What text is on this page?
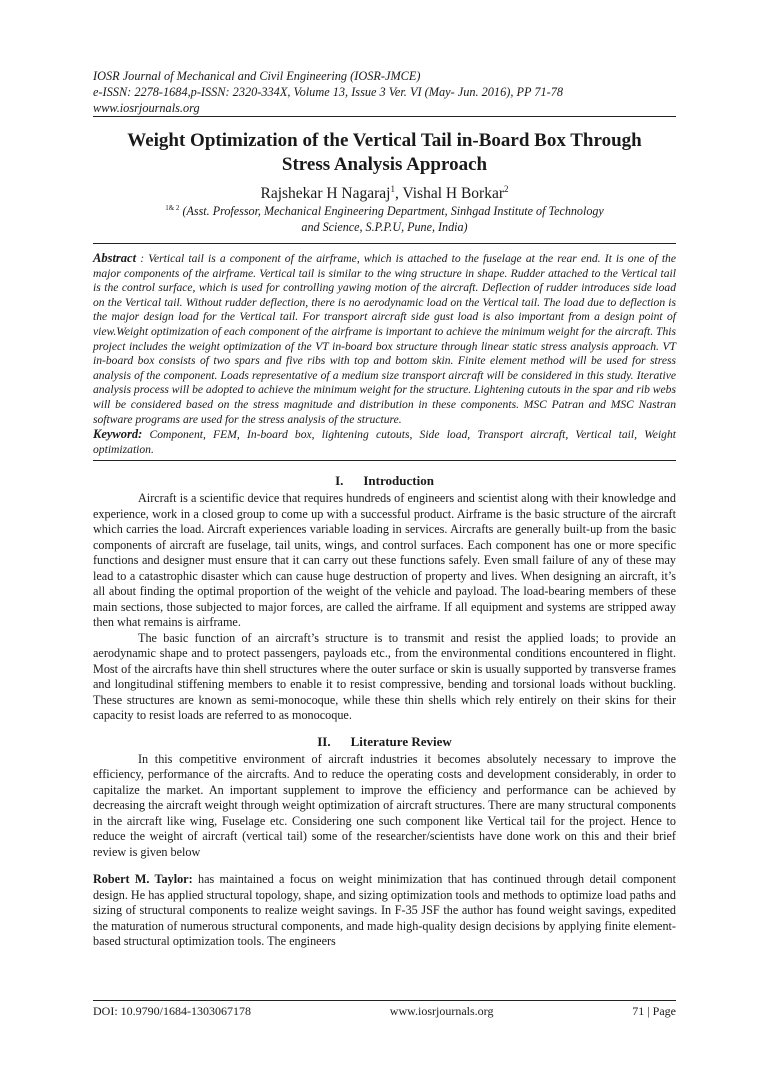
IOSR Journal of Mechanical and Civil Engineering (IOSR-JMCE)
e-ISSN: 2278-1684,p-ISSN: 2320-334X, Volume 13, Issue 3 Ver. VI (May- Jun. 2016), PP 71-78
www.iosrjournals.org
Weight Optimization of the Vertical Tail in-Board Box Through
Stress Analysis Approach
Rajshekar H Nagaraj$^1$, Vishal H Borkar$^2$
$^{1\& 2}$ (Asst. Professor, Mechanical Engineering Department, Sinhgad Institute of Technology
and Science, S.P.P.U, Pune, India)
Abstract : Vertical tail is a component of the airframe, which is attached to the fuselage at the rear end. It is one of the major components of the airframe. Vertical tail is similar to the wing structure in shape. Rudder attached to the Vertical tail is the control surface, which is used for controlling yawing motion of the aircraft. Deflection of rudder introduces side load on the Vertical tail. Without rudder deflection, there is no aerodynamic load on the Vertical tail. The load due to deflection is the major design load for the Vertical tail. For transport aircraft side gust load is also important from a design point of view.Weight optimization of each component of the airframe is important to achieve the minimum weight for the aircraft. This project includes the weight optimization of the VT in-board box structure through linear static stress analysis approach. VT in-board box consists of two spars and five ribs with top and bottom skin. Finite element method will be used for stress analysis of the component. Loads representative of a medium size transport aircraft will be considered in this study. Iterative analysis process will be adopted to achieve the minimum weight for the structure. Lightening cutouts in the spar and rib webs will be considered based on the stress magnitude and distribution in these components. MSC Patran and MSC Nastran software programs are used for the stress analysis of the structure.
Keyword: Component, FEM, In-board box, lightening cutouts, Side load, Transport aircraft, Vertical tail, Weight optimization.
I. Introduction

Aircraft is a scientific device that requires hundreds of engineers and scientist along with their knowledge and experience, work in a closed group to come up with a successful product. Airframe is the basic structure of the aircraft which carries the load. Aircraft experiences variable loading in services. Aircrafts are generally built-up from the basic components of aircraft are fuselage, tail units, wings, and control surfaces. Each component has one or more specific functions and designer must ensure that it can carry out these functions safely. Even small failure of any of these may lead to a catastrophic disaster which can cause huge destruction of property and lives. When designing an aircraft, it’s all about finding the optimal proportion of the weight of the vehicle and payload. The load-bearing members of these main sections, those subjected to major forces, are called the airframe. If all equipment and systems are stripped away then what remains is airframe.

The basic function of an aircraft’s structure is to transmit and resist the applied loads; to provide an aerodynamic shape and to protect passengers, payloads etc., from the environmental conditions encountered in flight. Most of the aircrafts have thin shell structures where the outer surface or skin is usually supported by transverse frames and longitudinal stiffening members to enable it to resist compressive, bending and torsional loads without buckling. These structures are known as semi-monocoque, while these thin shells which rely entirely on their skins for their capacity to resist loads are referred to as monocoque.

II. Literature Review

In this competitive environment of aircraft industries it becomes absolutely necessary to improve the efficiency, performance of the aircrafts. And to reduce the operating costs and development considerably, in order to capitalize the market. An important supplement to improve the efficiency and performance can be achieved by decreasing the aircraft weight through weight optimization of aircraft structures. There are many structural components in the aircraft like wing, Fuselage etc. Considering one such component like Vertical tail for the project. Hence to reduce the weight of aircraft (vertical tail) some of the researcher/scientists have done work on this and their brief review is given below

Robert M. Taylor: has maintained a focus on weight minimization that has continued through detail component design. He has applied structural topology, shape, and sizing optimization tools and methods to optimize load paths and sizing of structural components to realize weight savings. In F-35 JSF the author has found weight savings, expedited the maturation of numerous structural components, and made high-quality design decisions by applying finite element-based structural optimization tools. The engineers

DOI: 10.9790/1684-1303067178	www.iosrjournals.org	71 | Page
